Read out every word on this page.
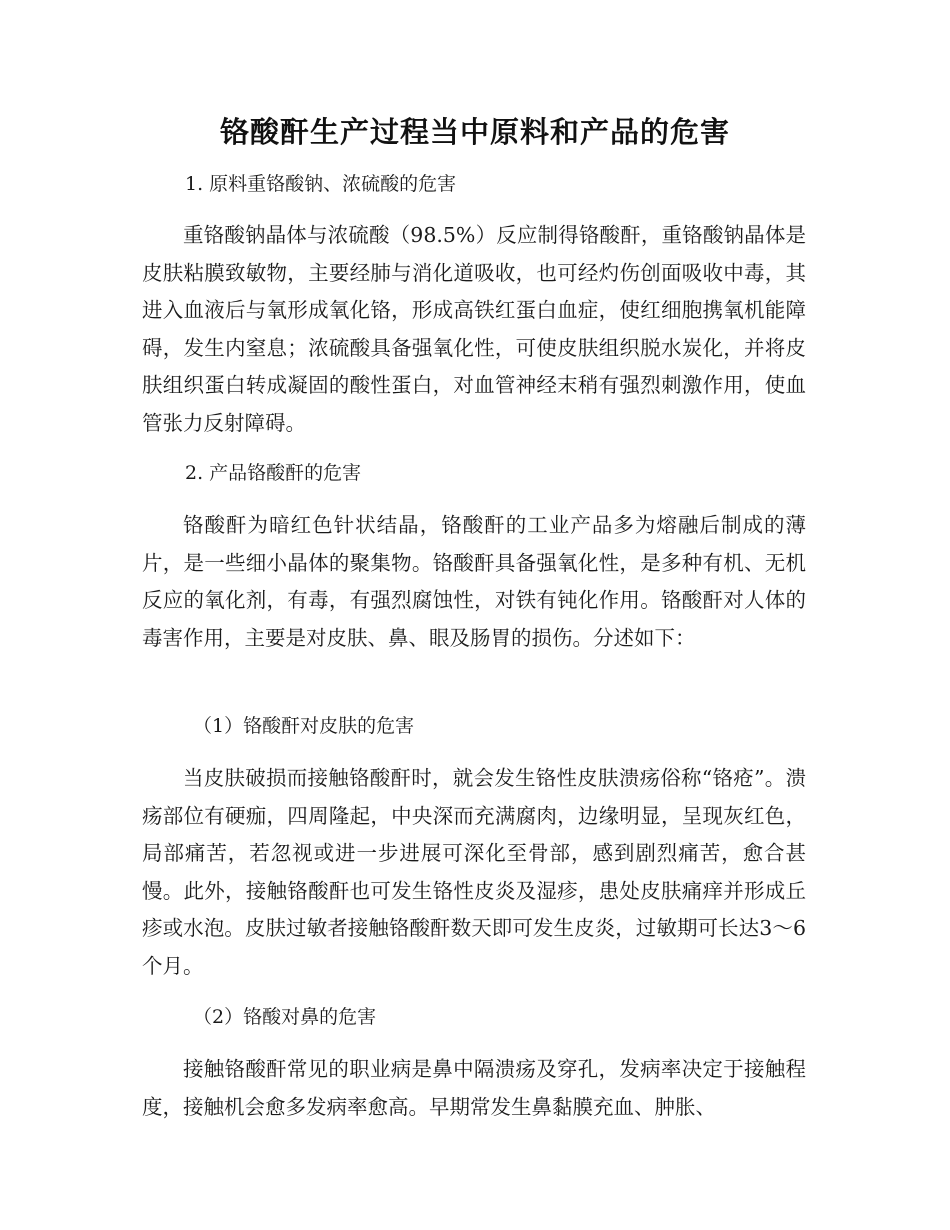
铬酸酐生产过程当中原料和产品的危害

1. 原料重铬酸钠、浓硫酸的危害

重铬酸钠晶体与浓硫酸（98.5%）反应制得铬酸酐，重铬酸钠晶体是皮肤粘膜致敏物，主要经肺与消化道吸收，也可经灼伤创面吸收中毒，其进入血液后与氧形成氧化铬，形成高铁红蛋白血症，使红细胞携氧机能障碍，发生内窒息；浓硫酸具备强氧化性，可使皮肤组织脱水炭化，并将皮肤组织蛋白转成凝固的酸性蛋白，对血管神经末稍有强烈刺激作用，使血管张力反射障碍。

2. 产品铬酸酐的危害

铬酸酐为暗红色针状结晶，铬酸酐的工业产品多为熔融后制成的薄片，是一些细小晶体的聚集物。铬酸酐具备强氧化性，是多种有机、无机反应的氧化剂，有毒，有强烈腐蚀性，对铁有钝化作用。铬酸酐对人体的毒害作用，主要是对皮肤、鼻、眼及肠胃的损伤。分述如下：

（1）铬酸酐对皮肤的危害

当皮肤破损而接触铬酸酐时，就会发生铬性皮肤溃疡俗称“铬疮”。溃疡部位有硬痂，四周隆起，中央深而充满腐肉，边缘明显，呈现灰红色，局部痛苦，若忽视或进一步进展可深化至骨部，感到剧烈痛苦，愈合甚慢。此外，接触铬酸酐也可发生铬性皮炎及湿疹，患处皮肤痛痒并形成丘疹或水泡。皮肤过敏者接触铬酸酐数天即可发生皮炎，过敏期可长达3～6个月。

（2）铬酸对鼻的危害

接触铬酸酐常见的职业病是鼻中隔溃疡及穿孔，发病率决定于接触程度，接触机会愈多发病率愈高。早期常发生鼻黏膜充血、肿胀、
